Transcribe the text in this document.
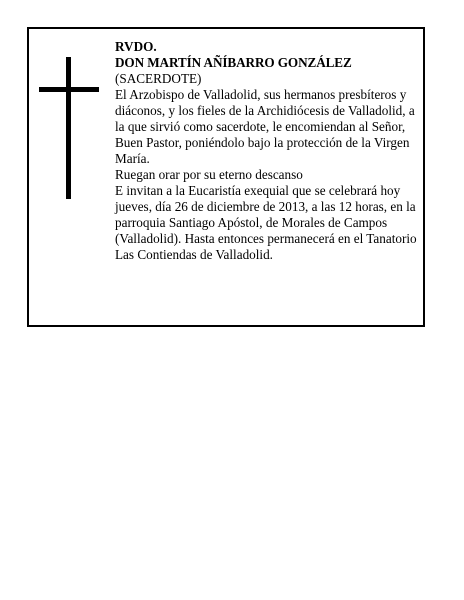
RVDO.

DON MARTÍN AÑÍBARRO GONZÁLEZ

(SACERDOTE)

El Arzobispo de Valladolid, sus hermanos presbíteros y diáconos, y los fieles de la Archidiócesis de Valladolid, a la que sirvió como sacerdote, le encomiendan al Señor, Buen Pastor, poniéndolo bajo la protección de la Virgen María.

Ruegan orar por su eterno descanso

E invitan a la Eucaristía exequial que se celebrará hoy jueves, día 26 de diciembre de 2013, a las 12 horas, en la parroquia Santiago Apóstol, de Morales de Campos (Valladolid). Hasta entonces permanecerá en el Tanatorio Las Contiendas de Valladolid.
